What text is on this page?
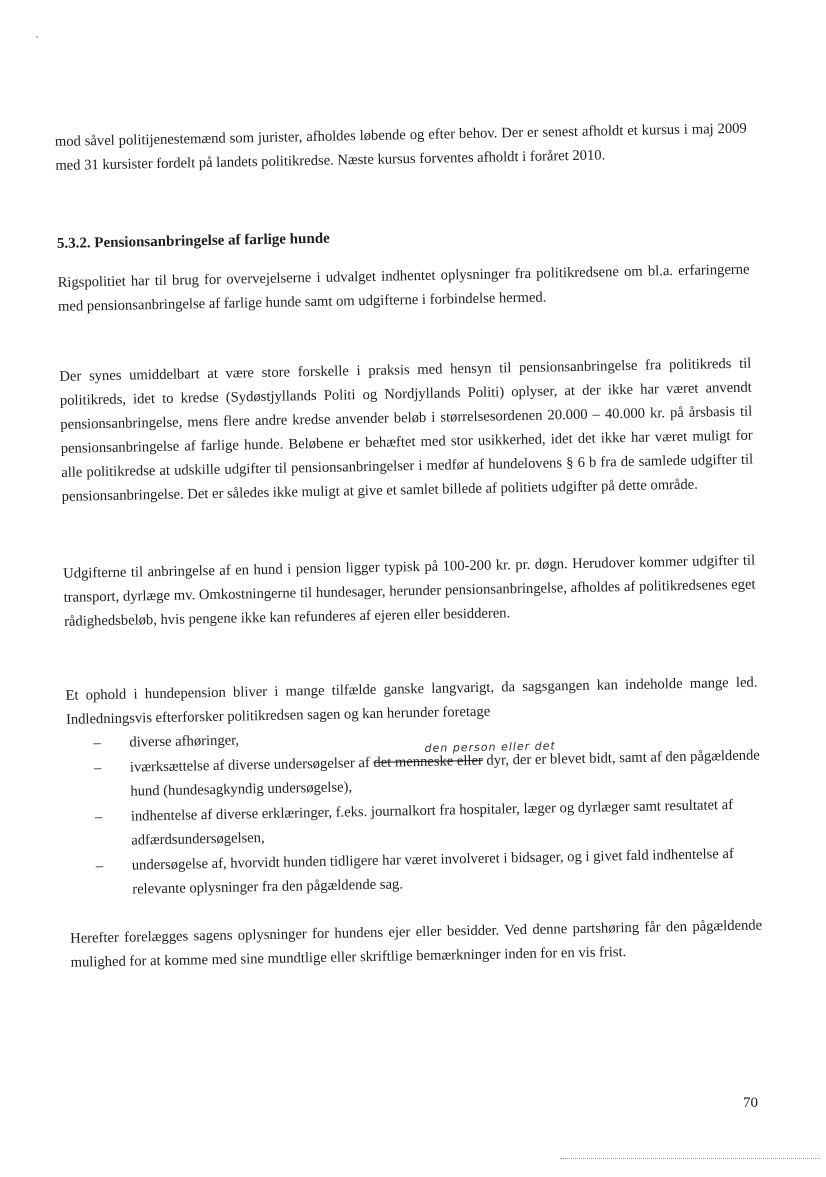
mod såvel politijenestemænd som jurister, afholdes løbende og efter behov. Der er senest afholdt et kursus i maj 2009 med 31 kursister fordelt på landets politikredse. Næste kursus forventes afholdt i foråret 2010.

5.3.2. Pensionsanbringelse af farlige hunde

Rigspolitiet har til brug for overvejelserne i udvalget indhentet oplysninger fra politikredsene om bl.a. erfaringerne med pensionsanbringelse af farlige hunde samt om udgifterne i forbindelse hermed.

Der synes umiddelbart at være store forskelle i praksis med hensyn til pensionsanbringelse fra politikreds til politikreds, idet to kredse (Sydøstjyllands Politi og Nordjyllands Politi) oplyser, at der ikke har været anvendt pensionsanbringelse, mens flere andre kredse anvender beløb i størrelsesordenen 20.000 – 40.000 kr. på årsbasis til pensionsanbringelse af farlige hunde. Beløbene er behæftet med stor usikkerhed, idet det ikke har været muligt for alle politikredse at udskille udgifter til pensionsanbringelser i medfør af hundelovens § 6 b fra de samlede udgifter til pensionsanbringelse. Det er således ikke muligt at give et samlet billede af politiets udgifter på dette område.

Udgifterne til anbringelse af en hund i pension ligger typisk på 100-200 kr. pr. døgn. Herudover kommer udgifter til transport, dyrlæge mv. Omkostningerne til hundesager, herunder pensionsanbringelse, afholdes af politikredsenes eget rådighedsbeløb, hvis pengene ikke kan refunderes af ejeren eller besidderen.

Et ophold i hundepension bliver i mange tilfælde ganske langvarigt, da sagsgangen kan indeholde mange led. Indledningsvis efterforsker politikredsen sagen og kan herunder foretage

– diverse afhøringer,
–
den person eller det
iværksættelse af diverse undersøgelser af det menneske eller dyr, der er blevet bidt, samt af den pågældende hund (hundesagkyndig undersøgelse),
– indhentelse af diverse erklæringer, f.eks. journalkort fra hospitaler, læger og dyrlæger samt resultatet af adfærdsundersøgelsen,
– undersøgelse af, hvorvidt hunden tidligere har været involveret i bidsager, og i givet fald indhentelse af relevante oplysninger fra den pågældende sag.

Herefter forelægges sagens oplysninger for hundens ejer eller besidder. Ved denne partshøring får den pågældende mulighed for at komme med sine mundtlige eller skriftlige bemærkninger inden for en vis frist.

70
